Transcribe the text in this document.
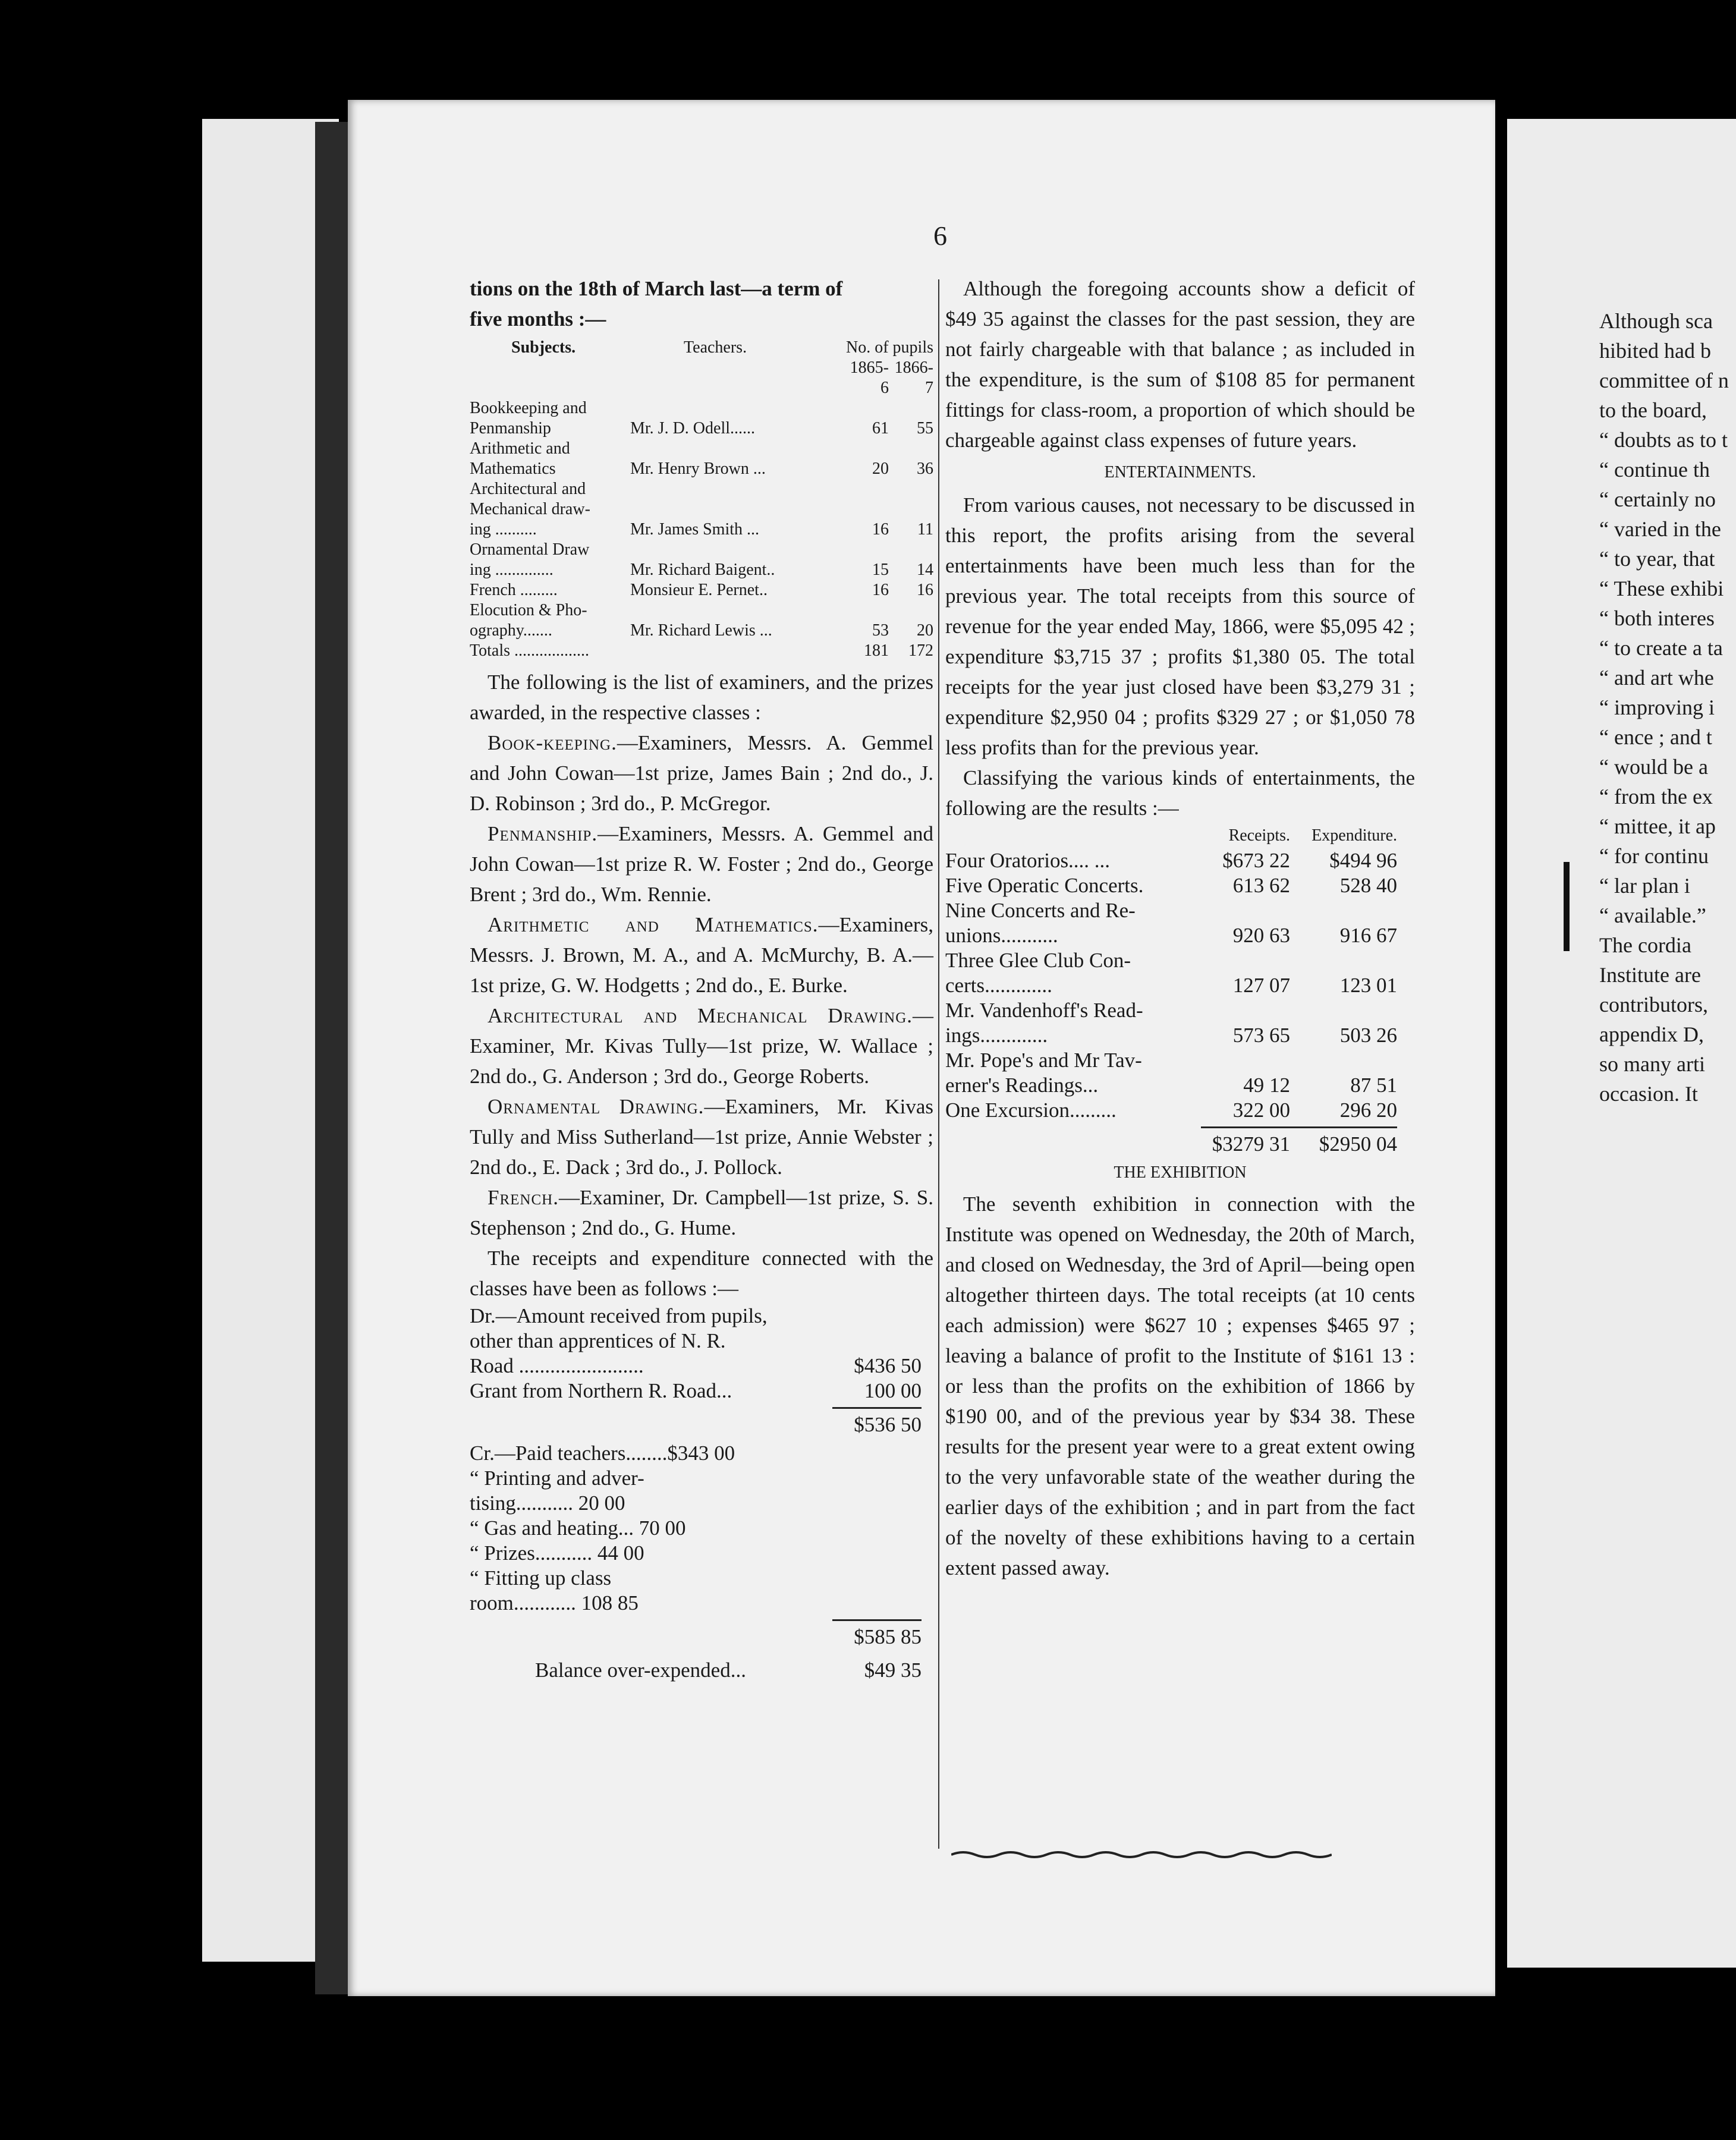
6

tions on the 18th of March last—a term of

five months :—

Subjects.	Teachers.	No. of pupils
1865-6
1866-7
Bookkeeping and
Penmanship	Mr. J. D. Odell......	61	55
Arithmetic and
Mathematics	Mr. Henry Brown ...	20	36
Architectural and
Mechanical draw-
ing ..........	Mr. James Smith ...	16	11
Ornamental Draw
ing ..............	Mr. Richard Baigent..	15	14
French .........	Monsieur E. Pernet..	16	16
Elocution & Pho-
ography.......	Mr. Richard Lewis ...	53	20
Totals ..................	181	172

The following is the list of examiners, and the prizes awarded, in the respective classes :

Book-keeping.—Examiners, Messrs. A. Gemmel and John Cowan—1st prize, James Bain ; 2nd do., J. D. Robinson ; 3rd do., P. McGregor.

Penmanship.—Examiners, Messrs. A. Gemmel and John Cowan—1st prize R. W. Foster ; 2nd do., George Brent ; 3rd do., Wm. Rennie.

Arithmetic and Mathematics.—Examiners, Messrs. J. Brown, M. A., and A. McMurchy, B. A.—1st prize, G. W. Hodgetts ; 2nd do., E. Burke.

Architectural and Mechanical Drawing.—Examiner, Mr. Kivas Tully—1st prize, W. Wallace ; 2nd do., G. Anderson ; 3rd do., George Roberts.

Ornamental Drawing.—Examiners, Mr. Kivas Tully and Miss Sutherland—1st prize, Annie Webster ; 2nd do., E. Dack ; 3rd do., J. Pollock.

French.—Examiner, Dr. Campbell—1st prize, S. S. Stephenson ; 2nd do., G. Hume.

The receipts and expenditure connected with the classes have been as follows :—

Dr.—Amount received from pupils,
other than apprentices of N. R.
Road ........................	$436 50
Grant from Northern R. Road...	100 00
$536 50
Cr.—Paid teachers........$343 00
“ Printing and adver-
tising........... 20 00
“ Gas and heating... 70 00
“ Prizes........... 44 00
“ Fitting up class
room............ 108 85
$585 85
Balance over-expended...	$49 35

Although the foregoing accounts show a deficit of $49 35 against the classes for the past session, they are not fairly chargeable with that balance ; as included in the expenditure, is the sum of $108 85 for permanent fittings for class-room, a proportion of which should be chargeable against class expenses of future years.

ENTERTAINMENTS.

From various causes, not necessary to be discussed in this report, the profits arising from the several entertainments have been much less than for the previous year. The total receipts from this source of revenue for the year ended May, 1866, were $5,095 42 ; expenditure $3,715 37 ; profits $1,380 05. The total receipts for the year just closed have been $3,279 31 ; expenditure $2,950 04 ; profits $329 27 ; or $1,050 78 less profits than for the previous year.

Classifying the various kinds of entertainments, the following are the results :—

Receipts.	Expenditure.
Four Oratorios.... ...	$673 22	$494 96
Five Operatic Concerts.	613 62	528 40
Nine Concerts and Re-
unions...........	920 63	916 67
Three Glee Club Con-
certs.............	127 07	123 01
Mr. Vandenhoff's Read-
ings.............	573 65	503 26
Mr. Pope's and Mr Tav-
erner's Readings...	49 12	87 51
One Excursion.........	322 00	296 20
$3279 31	$2950 04

THE EXHIBITION

The seventh exhibition in connection with the Institute was opened on Wednesday, the 20th of March, and closed on Wednesday, the 3rd of April—being open altogether thirteen days. The total receipts (at 10 cents each admission) were $627 10 ; expenses $465 97 ; leaving a balance of profit to the Institute of $161 13 : or less than the profits on the exhibition of 1866 by $190 00, and of the previous year by $34 38. These results for the present year were to a great extent owing to the very unfavorable state of the weather during the earlier days of the exhibition ; and in part from the fact of the novelty of these exhibitions having to a certain extent passed away.

Although sca
hibited had b
committee of n
to the board,
“ doubts as to t
“ continue th
“ certainly no
“ varied in the
“ to year, that
“ These exhibi
“ both interes
“ to create a ta
“ and art whe
“ improving i
“ ence ; and t
“ would be a
“ from the ex
“ mittee, it ap
“ for continu
“ lar plan i
“ available.”
The cordia
Institute are
contributors,
appendix D,
so many arti
occasion. It
